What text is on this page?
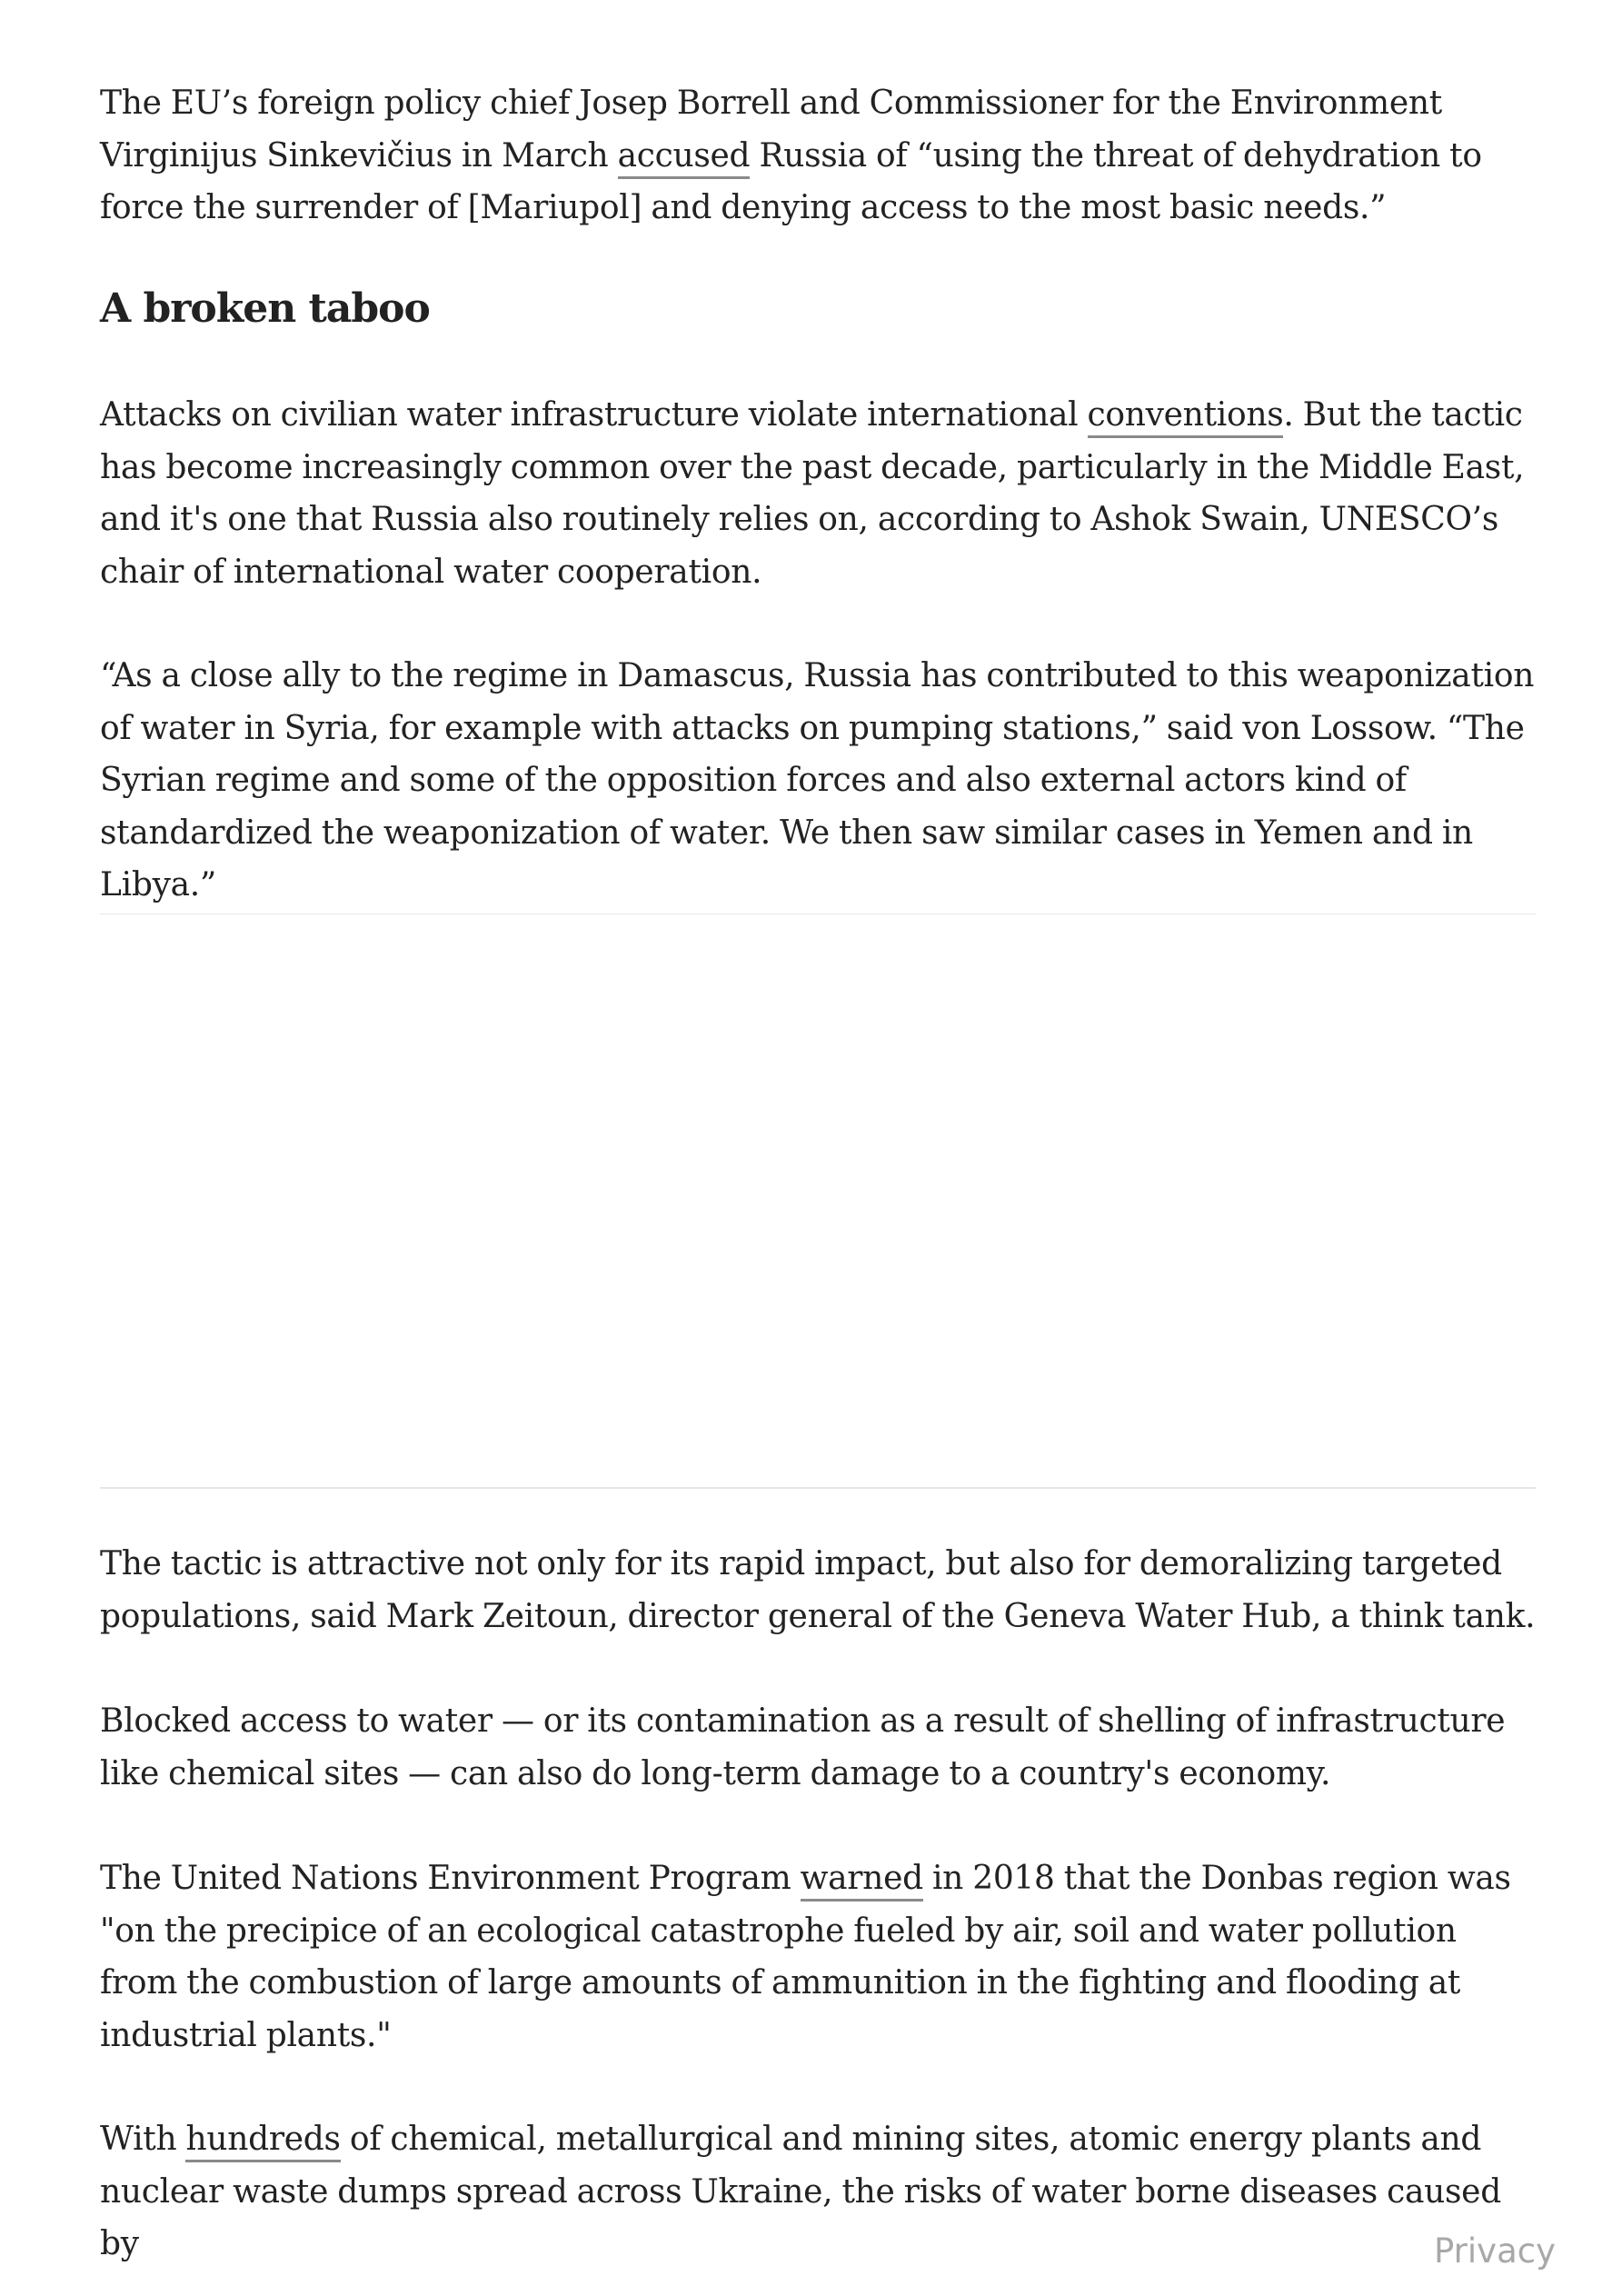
The EU’s foreign policy chief Josep Borrell and Commissioner for the Environment Virginijus Sinkevičius in March accused Russia of “using the threat of dehydration to force the surrender of [Mariupol] and denying access to the most basic needs.”

A broken taboo

Attacks on civilian water infrastructure violate international conventions. But the tactic has become increasingly common over the past decade, particularly in the Middle East, and it's one that Russia also routinely relies on, according to Ashok Swain, UNESCO’s chair of international water cooperation.

“As a close ally to the regime in Damascus, Russia has contributed to this weaponization of water in Syria, for example with attacks on pumping stations,” said von Lossow. “The Syrian regime and some of the opposition forces and also external actors kind of standardized the weaponization of water. We then saw similar cases in Yemen and in Libya.”

The tactic is attractive not only for its rapid impact, but also for demoralizing targeted populations, said Mark Zeitoun, director general of the Geneva Water Hub, a think tank.

Blocked access to water — or its contamination as a result of shelling of infrastructure like chemical sites — can also do long-term damage to a country's economy.

The United Nations Environment Program warned in 2018 that the Donbas region was "on the precipice of an ecological catastrophe fueled by air, soil and water pollution from the combustion of large amounts of ammunition in the fighting and flooding at industrial plants."

With hundreds of chemical, metallurgical and mining sites, atomic energy plants and nuclear waste dumps spread across Ukraine, the risks of water borne diseases caused by	Privacy
